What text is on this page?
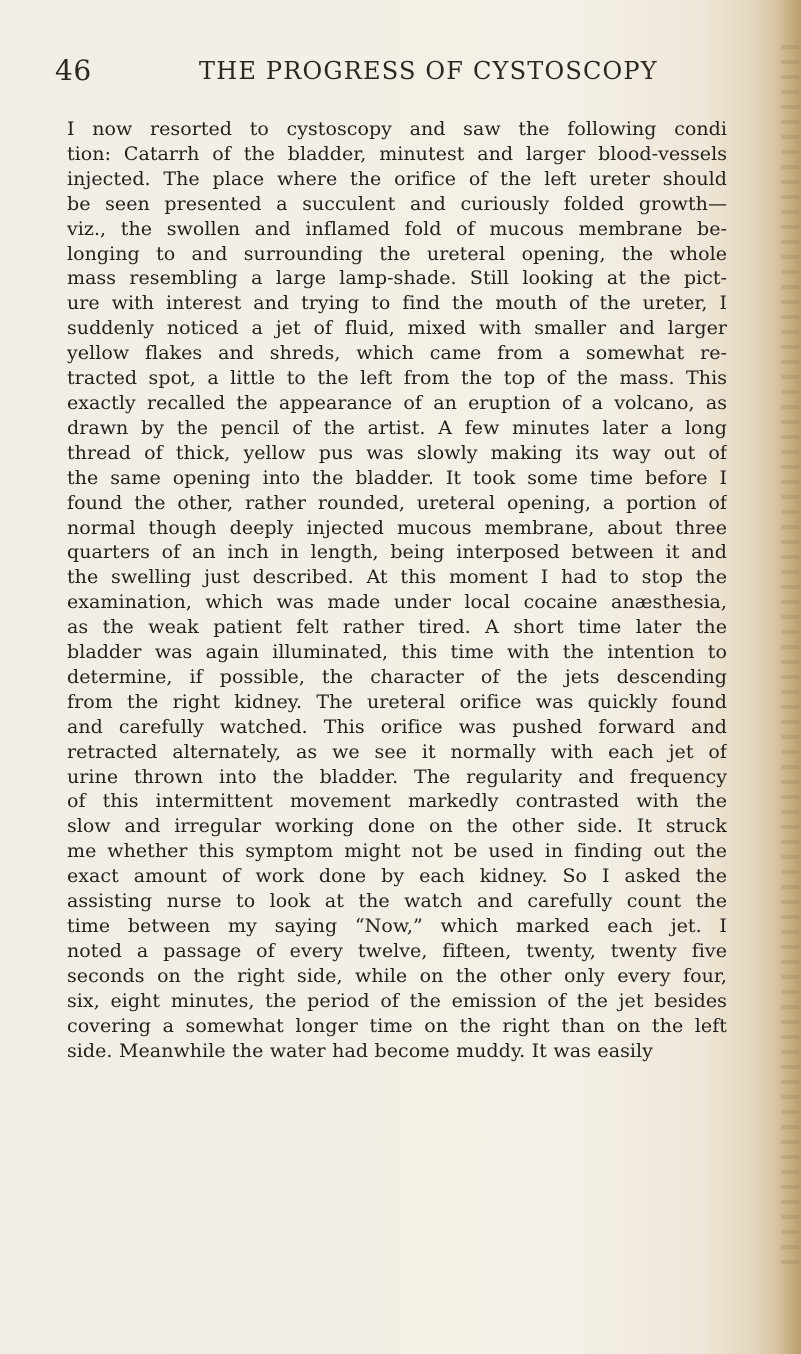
46	THE PROGRESS OF CYSTOSCOPY
I now resorted to cystoscopy and saw the following condi
tion: Catarrh of the bladder, minutest and larger blood-vessels
injected. The place where the orifice of the left ureter should
be seen presented a succulent and curiously folded growth—
viz., the swollen and inflamed fold of mucous membrane be-
longing to and surrounding the ureteral opening, the whole
mass resembling a large lamp-shade. Still looking at the pict-
ure with interest and trying to find the mouth of the ureter, I
suddenly noticed a jet of fluid, mixed with smaller and larger
yellow flakes and shreds, which came from a somewhat re-
tracted spot, a little to the left from the top of the mass. This
exactly recalled the appearance of an eruption of a volcano, as
drawn by the pencil of the artist. A few minutes later a long
thread of thick, yellow pus was slowly making its way out of
the same opening into the bladder. It took some time before I
found the other, rather rounded, ureteral opening, a portion of
normal though deeply injected mucous membrane, about three
quarters of an inch in length, being interposed between it and
the swelling just described. At this moment I had to stop the
examination, which was made under local cocaine anæsthesia,
as the weak patient felt rather tired. A short time later the
bladder was again illuminated, this time with the intention to
determine, if possible, the character of the jets descending
from the right kidney. The ureteral orifice was quickly found
and carefully watched. This orifice was pushed forward and
retracted alternately, as we see it normally with each jet of
urine thrown into the bladder. The regularity and frequency
of this intermittent movement markedly contrasted with the
slow and irregular working done on the other side. It struck
me whether this symptom might not be used in finding out the
exact amount of work done by each kidney. So I asked the
assisting nurse to look at the watch and carefully count the
time between my saying “Now,” which marked each jet. I
noted a passage of every twelve, fifteen, twenty, twenty five
seconds on the right side, while on the other only every four,
six, eight minutes, the period of the emission of the jet besides
covering a somewhat longer time on the right than on the left
side. Meanwhile the water had become muddy. It was easily
